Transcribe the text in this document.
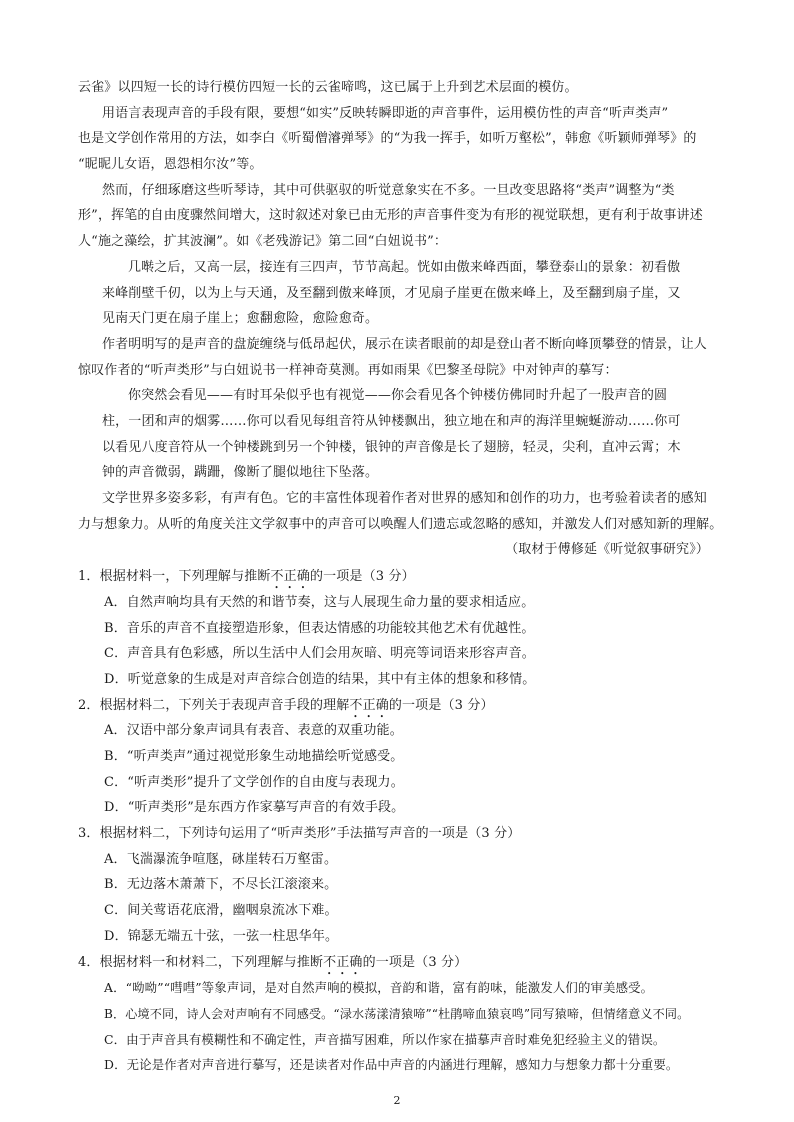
云雀》以四短一长的诗行模仿四短一长的云雀啼鸣，这已属于上升到艺术层面的模仿。

用语言表现声音的手段有限，要想“如实”反映转瞬即逝的声音事件，运用模仿性的声音“听声类声”

也是文学创作常用的方法，如李白《听蜀僧濬弹琴》的“为我一挥手，如听万壑松”，韩愈《听颖师弹琴》的

“昵昵儿女语，恩怨相尔汝”等。

然而，仔细琢磨这些听琴诗，其中可供驱驭的听觉意象实在不多。一旦改变思路将“类声”调整为“类

形”，挥笔的自由度骤然间增大，这时叙述对象已由无形的声音事件变为有形的视觉联想，更有利于故事讲述

人“施之藻绘，扩其波澜”。如《老残游记》第二回“白妞说书”：

几啭之后，又高一层，接连有三四声，节节高起。恍如由傲来峰西面，攀登泰山的景象：初看傲

来峰削壁千仞，以为上与天通，及至翻到傲来峰顶，才见扇子崖更在傲来峰上，及至翻到扇子崖，又

见南天门更在扇子崖上；愈翻愈险，愈险愈奇。

作者明明写的是声音的盘旋缠绕与低昂起伏，展示在读者眼前的却是登山者不断向峰顶攀登的情景，让人

惊叹作者的“听声类形”与白妞说书一样神奇莫测。再如雨果《巴黎圣母院》中对钟声的摹写：

你突然会看见——有时耳朵似乎也有视觉——你会看见各个钟楼仿佛同时升起了一股声音的圆

柱，一团和声的烟雾……你可以看见每组音符从钟楼飘出，独立地在和声的海洋里蜿蜒游动……你可

以看见八度音符从一个钟楼跳到另一个钟楼，银钟的声音像是长了翅膀，轻灵，尖利，直冲云霄；木

钟的声音微弱，蹒跚，像断了腿似地往下坠落。

文学世界多姿多彩，有声有色。它的丰富性体现着作者对世界的感知和创作的功力，也考验着读者的感知

力与想象力。从听的角度关注文学叙事中的声音可以唤醒人们遗忘或忽略的感知，并激发人们对感知新的理解。

（取材于傅修延《听觉叙事研究》）

1．根据材料一，下列理解与推断不正确的一项是（3 分）

A．自然声响均具有天然的和谐节奏，这与人展现生命力量的要求相适应。

B．音乐的声音不直接塑造形象，但表达情感的功能较其他艺术有优越性。

C．声音具有色彩感，所以生活中人们会用灰暗、明亮等词语来形容声音。

D．听觉意象的生成是对声音综合创造的结果，其中有主体的想象和移情。

2．根据材料二，下列关于表现声音手段的理解不正确的一项是（3 分）

A．汉语中部分象声词具有表音、表意的双重功能。

B．“听声类声”通过视觉形象生动地描绘听觉感受。

C．“听声类形”提升了文学创作的自由度与表现力。

D．“听声类形”是东西方作家摹写声音的有效手段。

3．根据材料二，下列诗句运用了“听声类形”手法描写声音的一项是（3 分）

A．飞湍瀑流争喧豗，砯崖转石万壑雷。

B．无边落木萧萧下，不尽长江滚滚来。

C．间关莺语花底滑，幽咽泉流冰下难。

D．锦瑟无端五十弦，一弦一柱思华年。

4．根据材料一和材料二，下列理解与推断不正确的一项是（3 分）

A．“呦呦”“嘒嘒”等象声词，是对自然声响的模拟，音韵和谐，富有韵味，能激发人们的审美感受。

B．心境不同，诗人会对声响有不同感受。“渌水荡漾清猿啼”“杜鹃啼血猿哀鸣”同写猿啼，但情绪意义不同。

C．由于声音具有模糊性和不确定性，声音描写困难，所以作家在描摹声音时难免犯经验主义的错误。

D．无论是作者对声音进行摹写，还是读者对作品中声音的内涵进行理解，感知力与想象力都十分重要。

2
